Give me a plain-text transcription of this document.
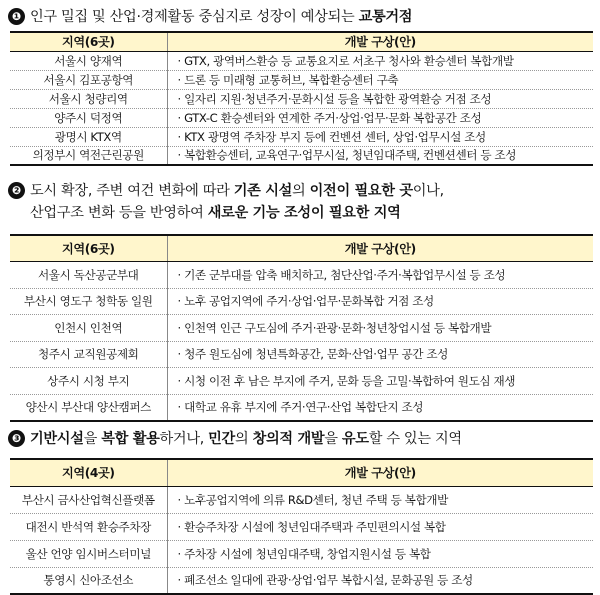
❶ 인구 밀집 및 산업·경제활동 중심지로 성장이 예상되는 교통거점
지역(6곳)	개발 구상(안)
서울시 양재역	· GTX, 광역버스환승 등 교통요지로 서초구 청사와 환승센터 복합개발
서울시 김포공항역	· 드론 등 미래형 교통허브, 복합환승센터 구축
서울시 청량리역	· 일자리 지원·청년주거·문화시설 등을 복합한 광역환승 거점 조성
양주시 덕정역	· GTX-C 환승센터와 연계한 주거·상업·업무·문화 복합공간 조성
광명시 KTX역	· KTX 광명역 주차장 부지 등에 컨벤션 센터, 상업·업무시설 조성
의정부시 역전근린공원	· 복합환승센터, 교육연구·업무시설, 청년임대주택, 컨벤션센터 등 조성
❷ 도시 확장, 주변 여건 변화에 따라 기존 시설의 이전이 필요한 곳이나,
산업구조 변화 등을 반영하여 새로운 기능 조성이 필요한 지역
지역(6곳)	개발 구상(안)
서울시 독산공군부대	· 기존 군부대를 압축 배치하고, 첨단산업·주거·복합업무시설 등 조성
부산시 영도구 청학동 일원	· 노후 공업지역에 주거·상업·업무·문화복합 거점 조성
인천시 인천역	· 인천역 인근 구도심에 주거·관광·문화·청년창업시설 등 복합개발
청주시 교직원공제회	· 청주 원도심에 청년특화공간, 문화·산업·업무 공간 조성
상주시 시청 부지	· 시청 이전 후 남은 부지에 주거, 문화 등을 고밀·복합하여 원도심 재생
양산시 부산대 양산캠퍼스	· 대학교 유휴 부지에 주거·연구·산업 복합단지 조성
❸ 기반시설을 복합 활용하거나, 민간의 창의적 개발을 유도할 수 있는 지역
지역(4곳)	개발 구상(안)
부산시 금사산업혁신플랫폼	· 노후공업지역에 의류 R&D센터, 청년 주택 등 복합개발
대전시 반석역 환승주차장	· 환승주차장 시설에 청년임대주택과 주민편의시설 복합
울산 언양 임시버스터미널	· 주차장 시설에 청년임대주택, 창업지원시설 등 복합
통영시 신아조선소	· 폐조선소 일대에 관광·상업·업무 복합시설, 문화공원 등 조성
